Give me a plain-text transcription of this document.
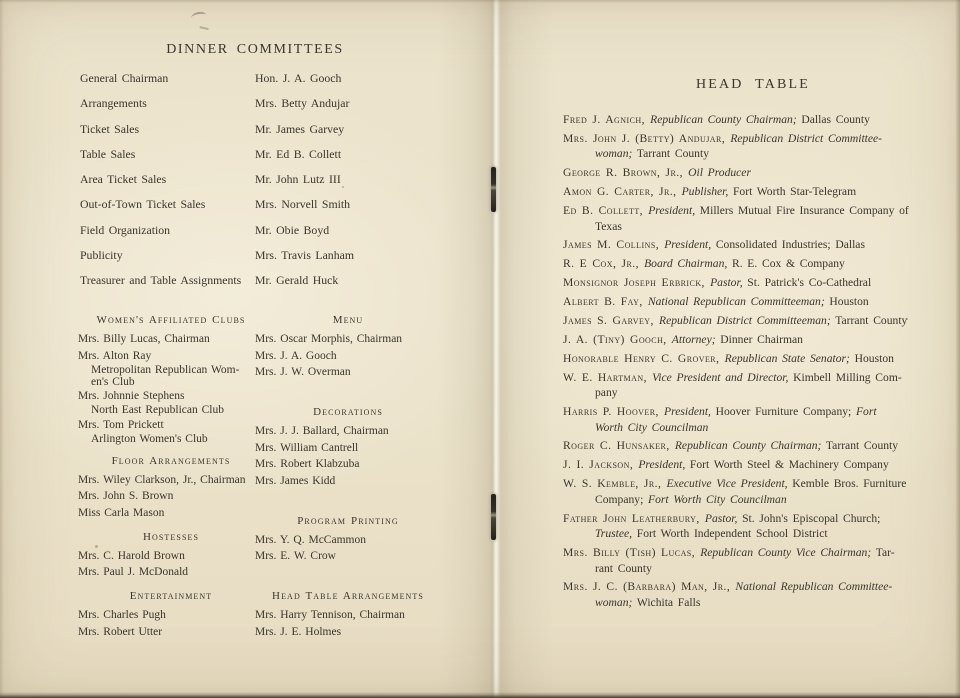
DINNER COMMITTEES
General Chairman	Hon. J. A. Gooch
Arrangements	Mrs. Betty Andujar
Ticket Sales	Mr. James Garvey
Table Sales	Mr. Ed B. Collett
Area Ticket Sales	Mr. John Lutz III
Out-of-Town Ticket Sales	Mrs. Norvell Smith
Field Organization	Mr. Obie Boyd
Publicity	Mrs. Travis Lanham
Treasurer and Table Assignments	Mr. Gerald Huck
Women's Affiliated Clubs
Mrs. Billy Lucas, Chairman
Mrs. Alton Ray
Metropolitan Republican Wom-
en's Club
Mrs. Johnnie Stephens
North East Republican Club
Mrs. Tom Prickett
Arlington Women's Club
Floor Arrangements
Mrs. Wiley Clarkson, Jr., Chairman
Mrs. John S. Brown
Miss Carla Mason
Hostesses
Mrs. C. Harold Brown
Mrs. Paul J. McDonald
Entertainment
Mrs. Charles Pugh
Mrs. Robert Utter
Menu
Mrs. Oscar Morphis, Chairman
Mrs. J. A. Gooch
Mrs. J. W. Overman
Decorations
Mrs. J. J. Ballard, Chairman
Mrs. William Cantrell
Mrs. Robert Klabzuba
Mrs. James Kidd
Program Printing
Mrs. Y. Q. McCammon
Mrs. E. W. Crow
Head Table Arrangements
Mrs. Harry Tennison, Chairman
Mrs. J. E. Holmes
HEAD TABLE
Fred J. Agnich, Republican County Chairman; Dallas County
Mrs. John J. (Betty) Andujar, Republican District Committee-
woman; Tarrant County
George R. Brown, Jr., Oil Producer
Amon G. Carter, Jr., Publisher, Fort Worth Star-Telegram
Ed B. Collett, President, Millers Mutual Fire Insurance Company of
Texas
James M. Collins, President, Consolidated Industries; Dallas
R. E Cox, Jr., Board Chairman, R. E. Cox & Company
Monsignor Joseph Erbrick, Pastor, St. Patrick's Co-Cathedral
Albert B. Fay, National Republican Committeeman; Houston
James S. Garvey, Republican District Committeeman; Tarrant County
J. A. (Tiny) Gooch, Attorney; Dinner Chairman
Honorable Henry C. Grover, Republican State Senator; Houston
W. E. Hartman, Vice President and Director, Kimbell Milling Com-
pany
Harris P. Hoover, President, Hoover Furniture Company; Fort
Worth City Councilman
Roger C. Hunsaker, Republican County Chairman; Tarrant County
J. I. Jackson, President, Fort Worth Steel & Machinery Company
W. S. Kemble, Jr., Executive Vice President, Kemble Bros. Furniture
Company; Fort Worth City Councilman
Father John Leatherbury, Pastor, St. John's Episcopal Church;
Trustee, Fort Worth Independent School District
Mrs. Billy (Tish) Lucas, Republican County Vice Chairman; Tar-
rant County
Mrs. J. C. (Barbara) Man, Jr., National Republican Committee-
woman; Wichita Falls
